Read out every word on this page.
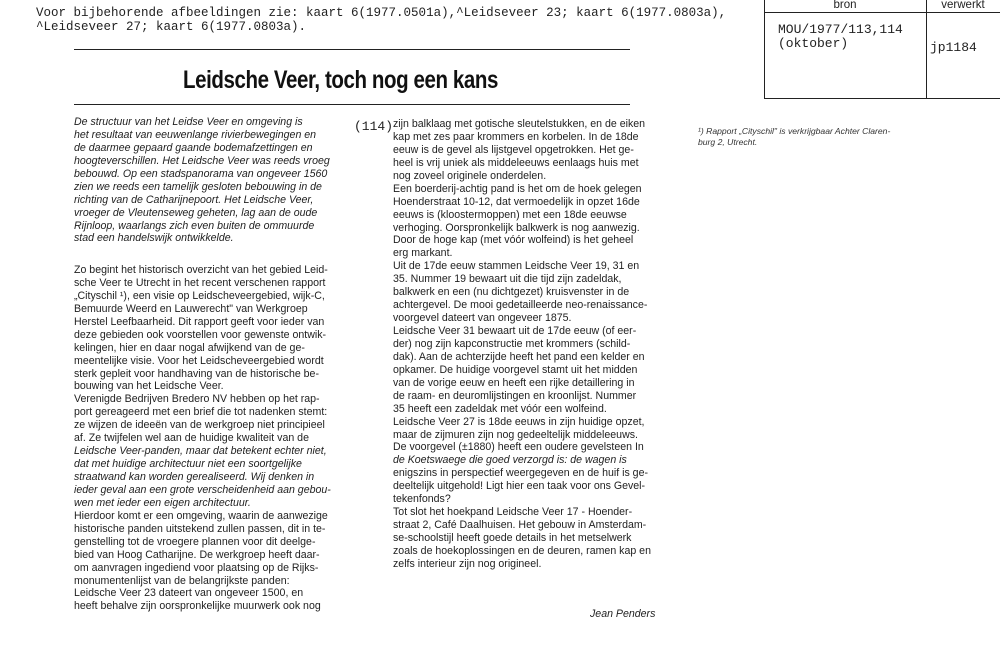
Voor bijbehorende afbeeldingen zie: kaart 6(1977.0501a),^Leidseveer 23; kaart 6(1977.0803a),
^Leidseveer 27; kaart 6(1977.0803a).
bron	verwerkt
MOU/1977/113,114
(oktober)	jp1184
Leidsche Veer, toch nog een kans
De structuur van het Leidse Veer en omgeving is
het resultaat van eeuwenlange rivierbewegingen en
de daarmee gepaard gaande bodemafzettingen en
hoogteverschillen. Het Leidsche Veer was reeds vroeg
bebouwd. Op een stadspanorama van ongeveer 1560
zien we reeds een tamelijk gesloten bebouwing in de
richting van de Catharijnepoort. Het Leidsche Veer,
vroeger de Vleutenseweg geheten, lag aan de oude
Rijnloop, waarlangs zich even buiten de ommuurde
stad een handelswijk ontwikkelde.
Zo begint het historisch overzicht van het gebied Leid-
sche Veer te Utrecht in het recent verschenen rapport
„Cityschil ¹), een visie op Leidscheveergebied, wijk-C,
Bemuurde Weerd en Lauwerecht" van Werkgroep
Herstel Leefbaarheid. Dit rapport geeft voor ieder van
deze gebieden ook voorstellen voor gewenste ontwik-
kelingen, hier en daar nogal afwijkend van de ge-
meentelijke visie. Voor het Leidscheveergebied wordt
sterk gepleit voor handhaving van de historische be-
bouwing van het Leidsche Veer.
Verenigde Bedrijven Bredero NV hebben op het rap-
port gereageerd met een brief die tot nadenken stemt:
ze wijzen de ideeën van de werkgroep niet principieel
af. Ze twijfelen wel aan de huidige kwaliteit van de
Leidsche Veer-panden, maar dat betekent echter niet,
dat met huidige architectuur niet een soortgelijke
straatwand kan worden gerealiseerd. Wij denken in
ieder geval aan een grote verscheidenheid aan gebou-
wen met ieder een eigen architectuur.
Hierdoor komt er een omgeving, waarin de aanwezige
historische panden uitstekend zullen passen, dit in te-
genstelling tot de vroegere plannen voor dit deelge-
bied van Hoog Catharijne. De werkgroep heeft daar-
om aanvragen ingediend voor plaatsing op de Rijks-
monumentenlijst van de belangrijkste panden:
Leidsche Veer 23 dateert van ongeveer 1500, en
heeft behalve zijn oorspronkelijke muurwerk ook nog
(114) zijn balklaag met gotische sleutelstukken, en de eiken
kap met zes paar krommers en korbelen. In de 18de
eeuw is de gevel als lijstgevel opgetrokken. Het ge-
heel is vrij uniek als middeleeuws eenlaags huis met
nog zoveel originele onderdelen.
Een boerderij-achtig pand is het om de hoek gelegen
Hoenderstraat 10-12, dat vermoedelijk in opzet 16de
eeuws is (kloostermoppen) met een 18de eeuwse
verhoging. Oorspronkelijk balkwerk is nog aanwezig.
Door de hoge kap (met vóór wolfeind) is het geheel
erg markant.
Uit de 17de eeuw stammen Leidsche Veer 19, 31 en
35. Nummer 19 bewaart uit die tijd zijn zadeldak,
balkwerk en een (nu dichtgezet) kruisvenster in de
achtergevel. De mooi gedetailleerde neo-renaissance-
voorgevel dateert van ongeveer 1875.
Leidsche Veer 31 bewaart uit de 17de eeuw (of eer-
der) nog zijn kapconstructie met krommers (schild-
dak). Aan de achterzijde heeft het pand een kelder en
opkamer. De huidige voorgevel stamt uit het midden
van de vorige eeuw en heeft een rijke detaillering in
de raam- en deuromlijstingen en kroonlijst. Nummer
35 heeft een zadeldak met vóór een wolfeind.
Leidsche Veer 27 is 18de eeuws in zijn huidige opzet,
maar de zijmuren zijn nog gedeeltelijk middeleeuws.
De voorgevel (±1880) heeft een oudere gevelsteen In
de Koetswaege die goed verzorgd is: de wagen is
enigszins in perspectief weergegeven en de huif is ge-
deeltelijk uitgehold! Ligt hier een taak voor ons Gevel-
tekenfonds?
Tot slot het hoekpand Leidsche Veer 17 - Hoender-
straat 2, Café Daalhuisen. Het gebouw in Amsterdam-
se-schoolstijl heeft goede details in het metselwerk
zoals de hoekoplossingen en de deuren, ramen kap en
zelfs interieur zijn nog origineel.
Jean Penders
¹) Rapport „Cityschil" is verkrijgbaar Achter Claren-
burg 2, Utrecht.
